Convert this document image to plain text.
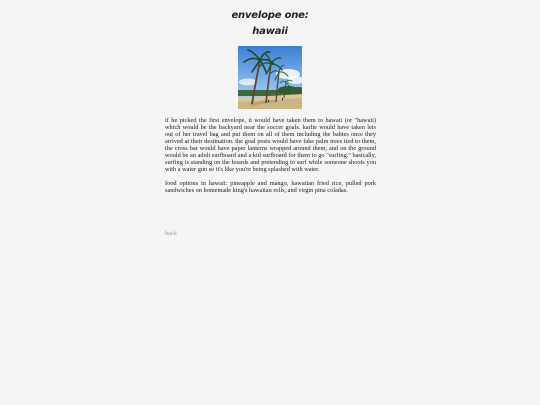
envelope one:
hawaii

if he picked the first envelope, it would have taken them to hawaii (or "hawaii) which would be the backyard near the soccer goals. karlie would have taken leis out of her travel bag and put them on all of them including the babies once they arrived at their destination. the goal posts would have fake palm trees tied to them, the cross bar would have paper lanterns wrapped around them, and on the ground would be an adult surfboard and a kid surfboard for them to go "surfing." basically, surfing is standing on the boards and pretending to surf while someone shoots you with a water gun so it's like you're being splashed with water.

food options in hawaii: pineapple and mango, hawaiian fried rice, pulled pork sandwiches on homemade king's hawaiian rolls, and virgin pina coladas.

back
